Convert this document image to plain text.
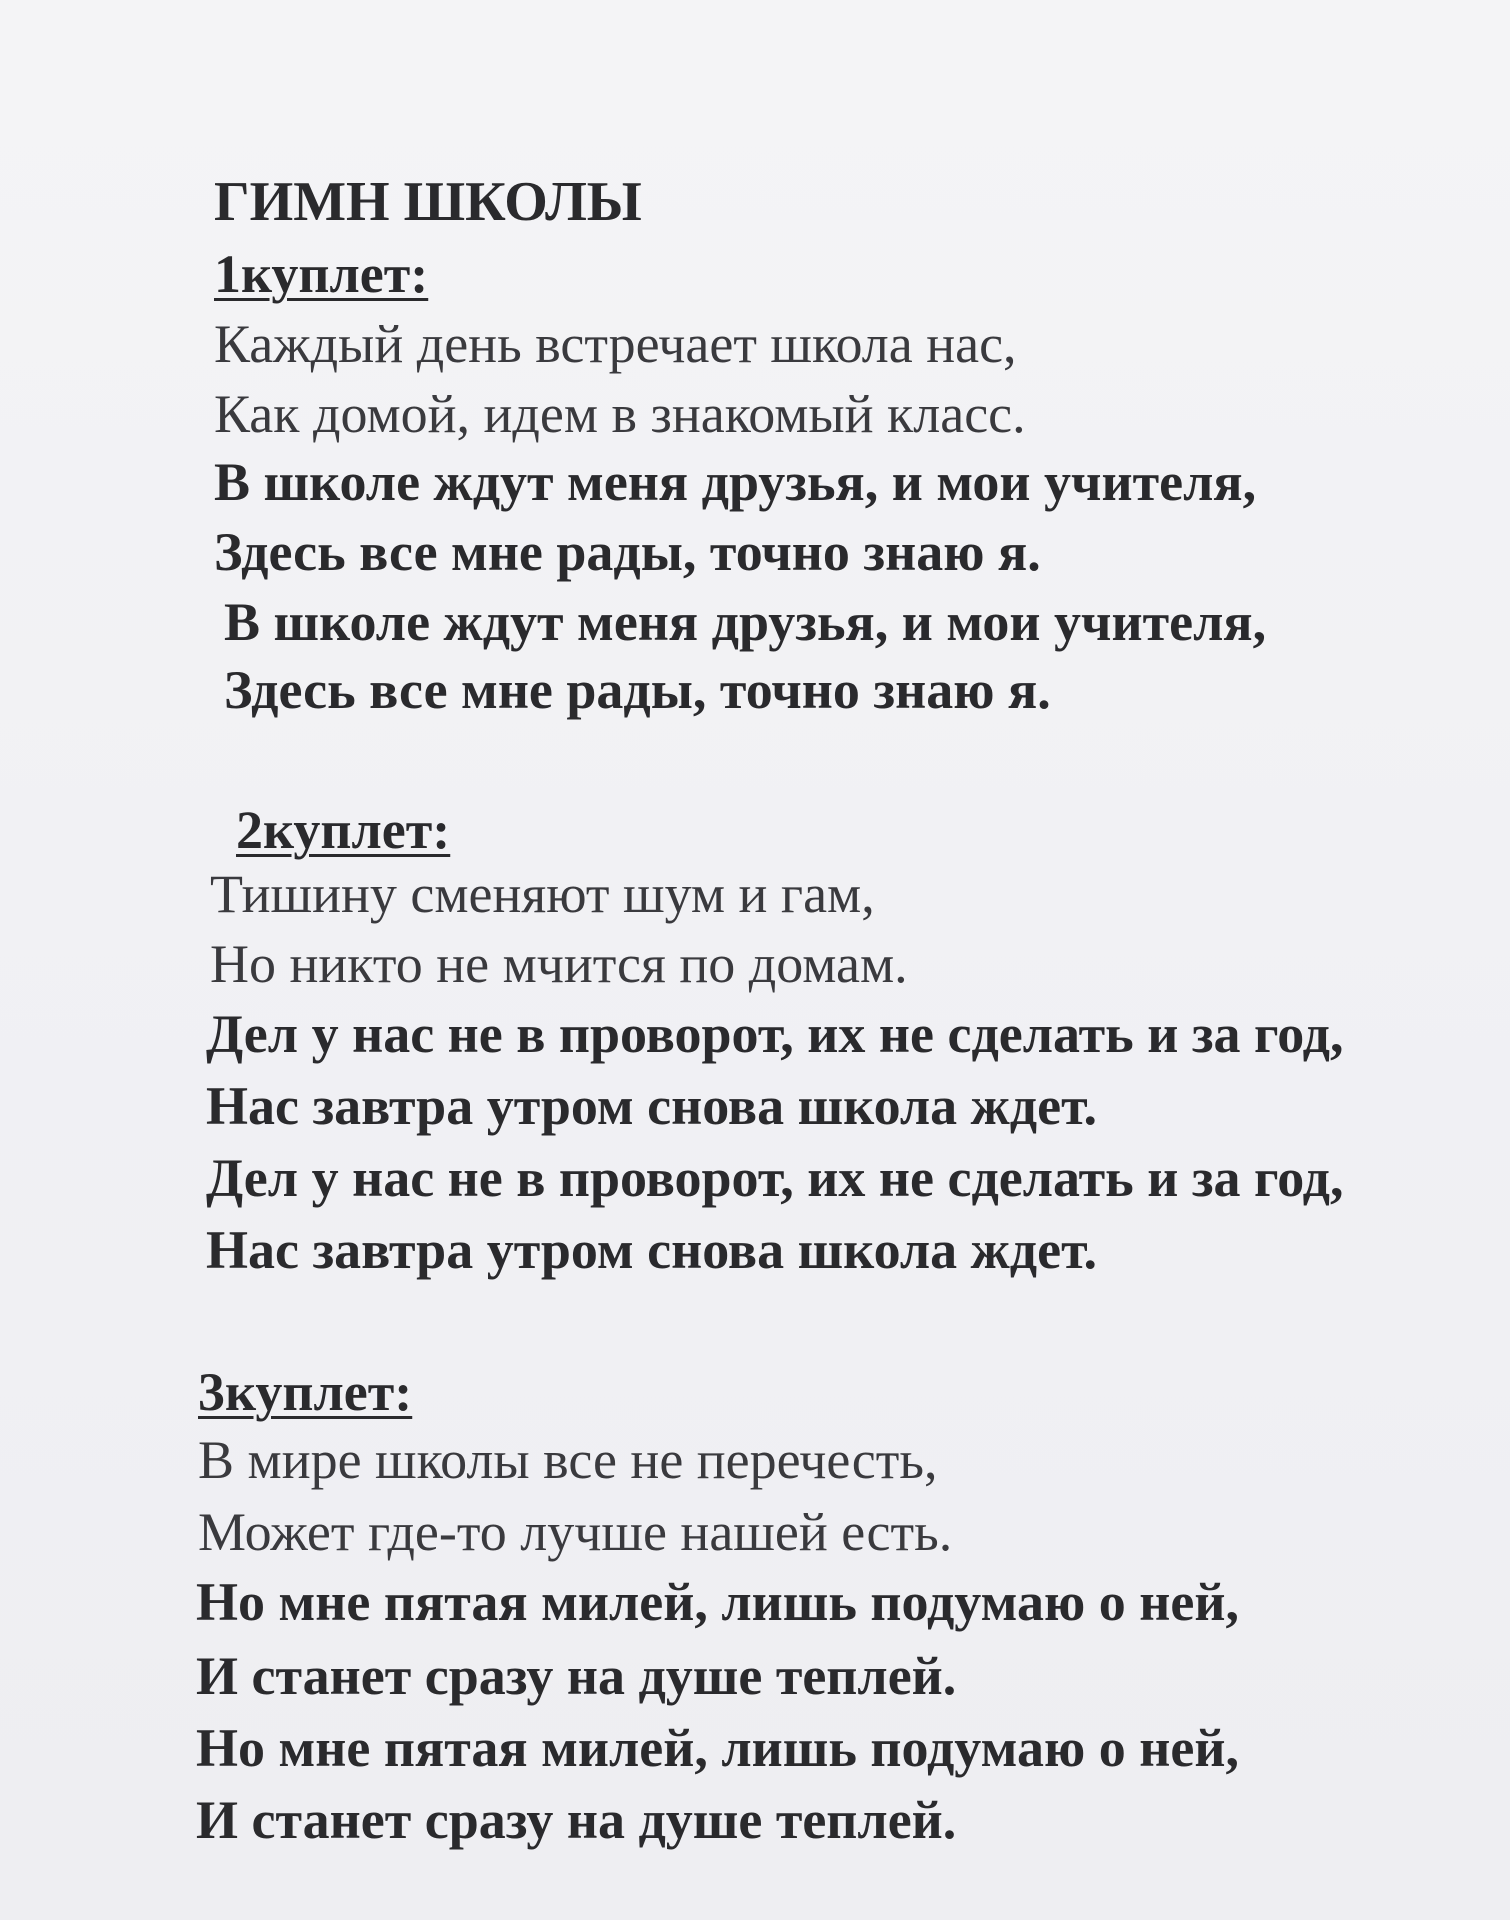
ГИМН ШКОЛЫ
1куплет:
Каждый день встречает школа нас,
Как домой, идем в знакомый класс.
В школе ждут меня друзья, и мои учителя,
Здесь все мне рады, точно знаю я.
В школе ждут меня друзья, и мои учителя,
Здесь все мне рады, точно знаю я.
2куплет:
Тишину сменяют шум и гам,
Но никто не мчится по домам.
Дел у нас не в проворот, их не сделать и за год,
Нас завтра утром снова школа ждет.
Дел у нас не в проворот, их не сделать и за год,
Нас завтра утром снова школа ждет.
3куплет:
В мире школы все не перечесть,
Может где-то лучше нашей есть.
Но мне пятая милей, лишь подумаю о ней,
И станет сразу на душе теплей.
Но мне пятая милей, лишь подумаю о ней,
И станет сразу на душе теплей.
